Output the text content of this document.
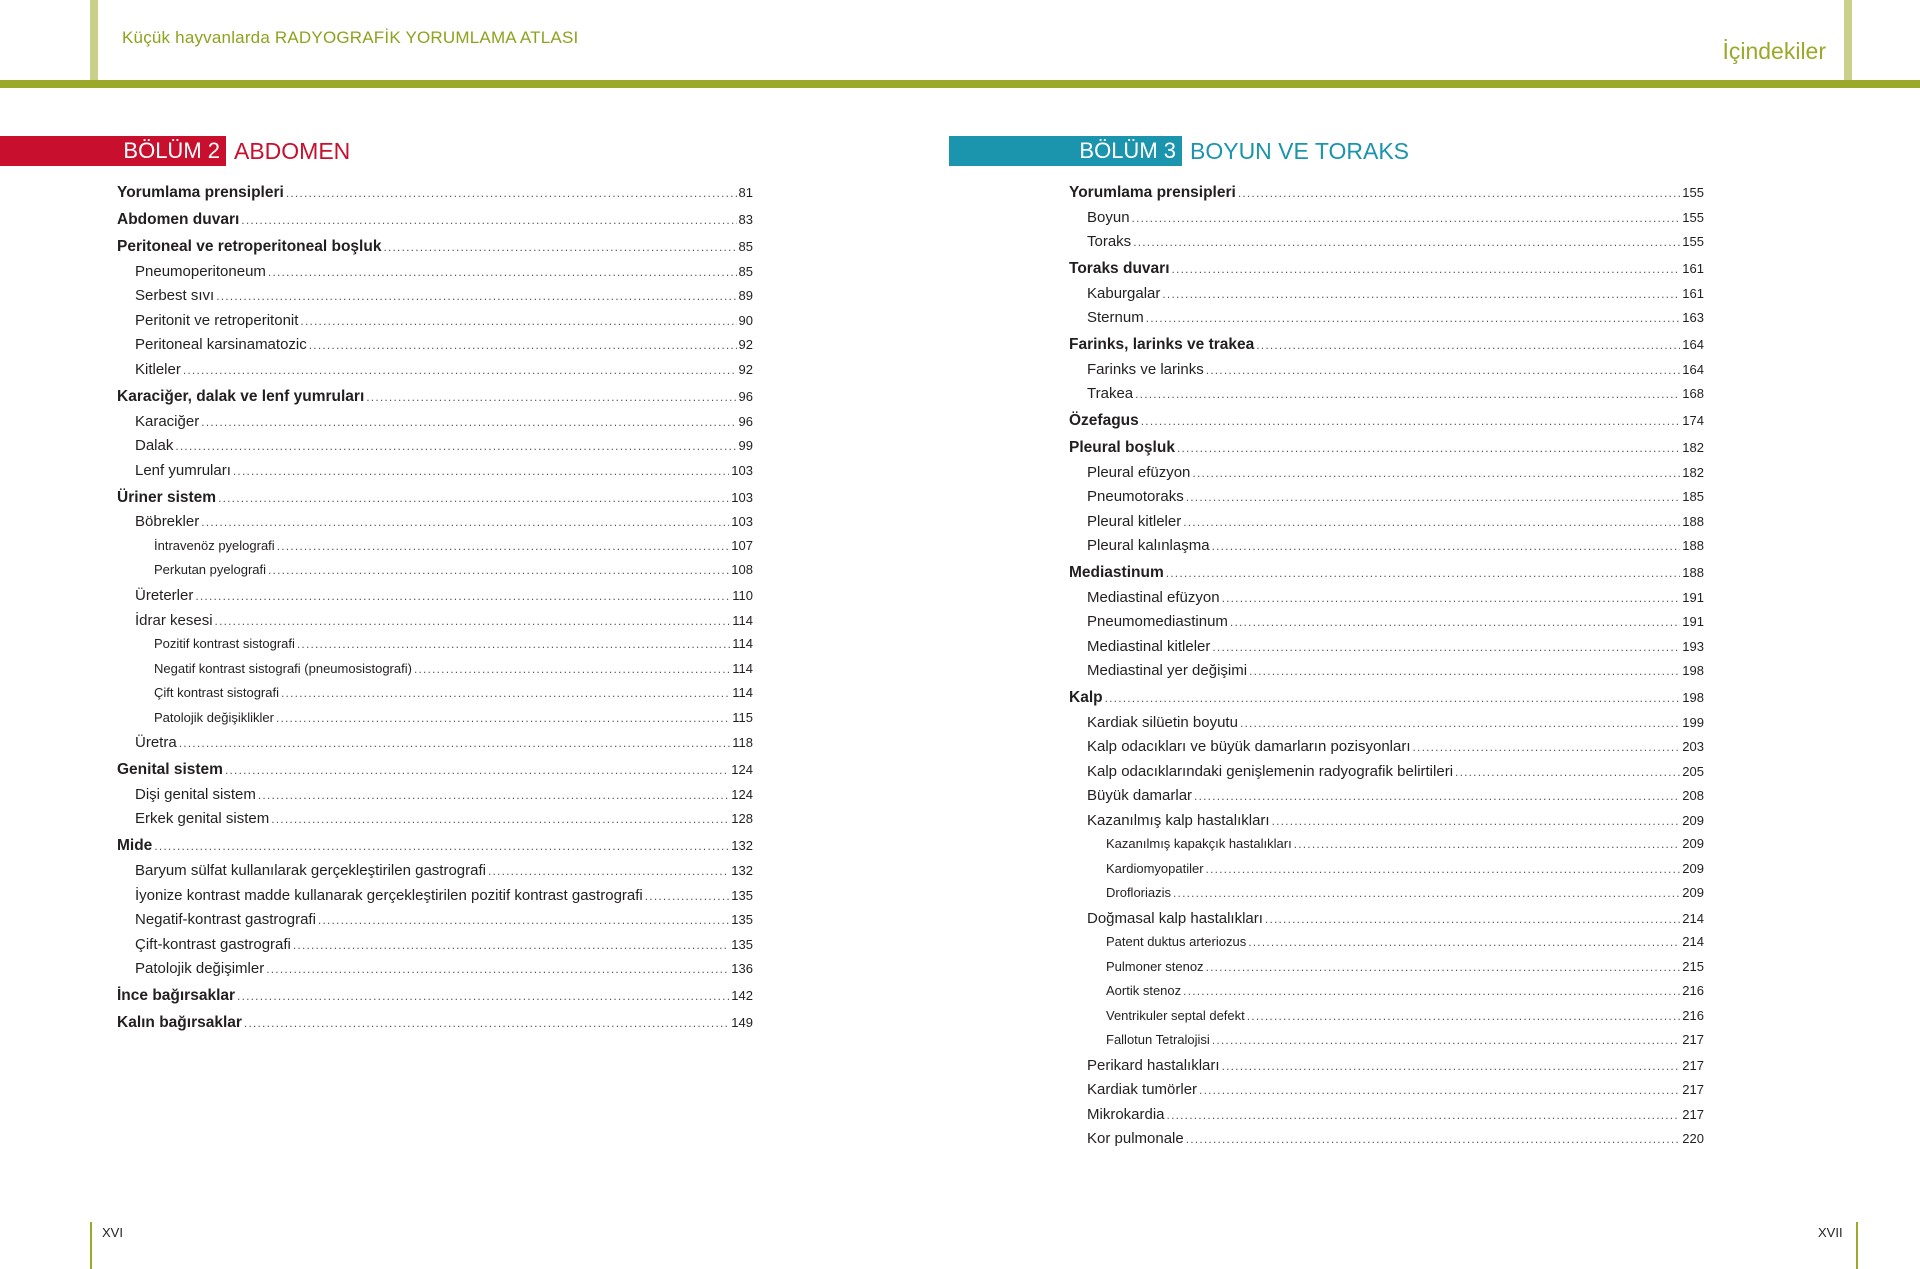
Küçük hayvanlarda RADYOGRAFİK YORUMLAMA ATLASI
İçindekiler
BÖLÜM 2 ABDOMEN	BÖLÜM 3 BOYUN VE TORAKS
Yorumlama prensipleri .....	81
Abdomen duvarı .....	83
Peritoneal ve retroperitoneal boşluk .....	85
Pneumoperitoneum .....	85
Serbest sıvı .....	89
Peritonit ve retroperitonit .....	90
Peritoneal karsinamatozic .....	92
Kitleler .....	92
Karaciğer, dalak ve lenf yumruları .....	96
Karaciğer .....	96
Dalak .....	99
Lenf yumruları .....	103
Üriner sistem .....	103
Böbrekler .....	103
İntravenöz pyelografi .....	107
Perkutan pyelografi .....	108
Üreterler .....	110
İdrar kesesi .....	114
Pozitif kontrast sistografi .....	114
Negatif kontrast sistografi (pneumosistografi) .....	114
Çift kontrast sistografi .....	114
Patolojik değişiklikler .....	115
Üretra .....	118
Genital sistem .....	124
Dişi genital sistem .....	124
Erkek genital sistem .....	128
Mide .....	132
Baryum sülfat kullanılarak gerçekleştirilen gastrografi .....	132
İyonize kontrast madde kullanarak gerçekleştirilen pozitif kontrast gastrografi .....	135
Negatif-kontrast gastrografi .....	135
Çift-kontrast gastrografi .....	135
Patolojik değişimler .....	136
İnce bağırsaklar .....	142
Kalın bağırsaklar .....	149
Yorumlama prensipleri .....	155
Boyun .....	155
Toraks .....	155
Toraks duvarı .....	161
Kaburgalar .....	161
Sternum .....	163
Farinks, larinks ve trakea .....	164
Farinks ve larinks .....	164
Trakea .....	168
Özefagus .....	174
Pleural boşluk .....	182
Pleural efüzyon .....	182
Pneumotoraks .....	185
Pleural kitleler .....	188
Pleural kalınlaşma .....	188
Mediastinum .....	188
Mediastinal efüzyon .....	191
Pneumomediastinum .....	191
Mediastinal kitleler .....	193
Mediastinal yer değişimi .....	198
Kalp .....	198
Kardiak silüetin boyutu .....	199
Kalp odacıkları ve büyük damarların pozisyonları .....	203
Kalp odacıklarındaki genişlemenin radyografik belirtileri .....	205
Büyük damarlar .....	208
Kazanılmış kalp hastalıkları .....	209
Kazanılmış kapakçık hastalıkları .....	209
Kardiomyopatiler .....	209
Drofloriazis .....	209
Doğmasal kalp hastalıkları .....	214
Patent duktus arteriozus .....	214
Pulmoner stenoz .....	215
Aortik stenoz .....	216
Ventrikuler septal defekt .....	216
Fallotun Tetralojisi .....	217
Perikard hastalıkları .....	217
Kardiak tumörler .....	217
Mikrokardia .....	217
Kor pulmonale .....	220
XVI	XVII
